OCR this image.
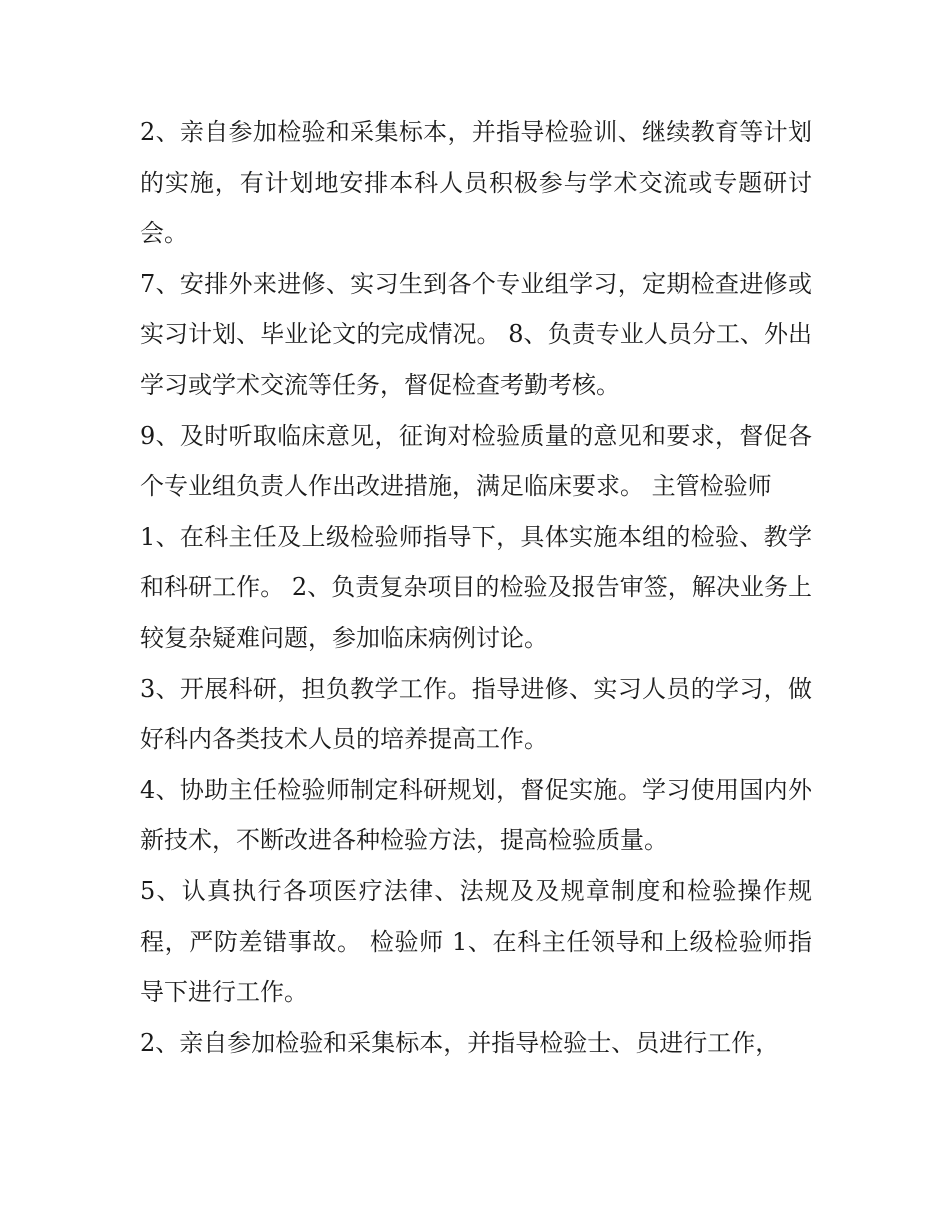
2、亲自参加检验和采集标本，并指导检验训、继续教育等计划的实施，有计划地安排本科人员积极参与学术交流或专题研讨会。

7、安排外来进修、实习生到各个专业组学习，定期检查进修或实习计划、毕业论文的完成情况。 8、负责专业人员分工、外出学习或学术交流等任务，督促检查考勤考核。

9、及时听取临床意见，征询对检验质量的意见和要求，督促各个专业组负责人作出改进措施，满足临床要求。 主管检验师

1、在科主任及上级检验师指导下，具体实施本组的检验、教学和科研工作。 2、负责复杂项目的检验及报告审签，解决业务上较复杂疑难问题，参加临床病例讨论。

3、开展科研，担负教学工作。指导进修、实习人员的学习，做好科内各类技术人员的培养提高工作。

4、协助主任检验师制定科研规划，督促实施。学习使用国内外新技术，不断改进各种检验方法，提高检验质量。

5、认真执行各项医疗法律、法规及及规章制度和检验操作规程，严防差错事故。 检验师 1、在科主任领导和上级检验师指导下进行工作。

2、亲自参加检验和采集标本，并指导检验士、员进行工作，
